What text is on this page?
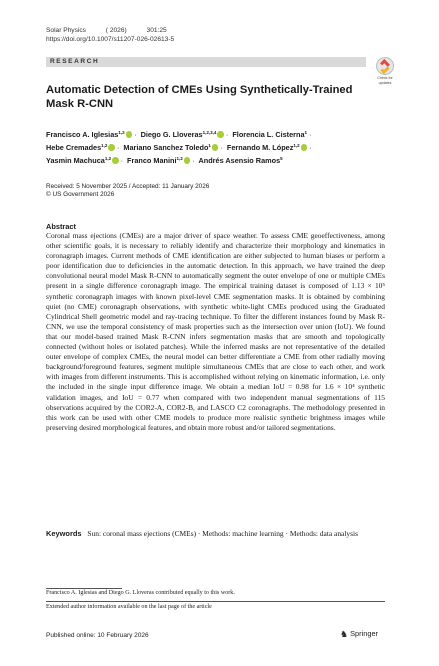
Solar Physics	( 2026)	301:25
https://doi.org/10.1007/s11207-026-02613-5
RESEARCH
Check for
updates
Automatic Detection of CMEs Using Synthetically-Trained Mask R-CNN
Francisco A. Iglesias$^{1,2}$ · Diego G. Lloveras$^{1,2,3,4}$ · Florencia L. Cisterna$^1$ ·
Hebe Cremades$^{1,2}$ · Mariano Sanchez Toledo$^1$ · Fernando M. López$^{1,2}$ ·
Yasmin Machuca$^{1,2}$ · Franco Manini$^{1,2}$ · Andrés Asensio Ramos$^5$
Received: 5 November 2025 / Accepted: 11 January 2026
© US Government 2026
Abstract
Coronal mass ejections (CMEs) are a major driver of space weather. To assess CME geoeffectiveness, among other scientific goals, it is necessary to reliably identify and characterize their morphology and kinematics in coronagraph images. Current methods of CME identification are either subjected to human biases or perform a poor identification due to deficiencies in the automatic detection. In this approach, we have trained the deep convolutional neural model Mask R-CNN to automatically segment the outer envelope of one or multiple CMEs present in a single difference coronagraph image. The empirical training dataset is composed of 1.13 × 10⁵ synthetic coronagraph images with known pixel-level CME segmentation masks. It is obtained by combining quiet (no CME) coronagraph observations, with synthetic white-light CMEs produced using the Graduated Cylindrical Shell geometric model and ray-tracing technique. To filter the different instances found by Mask R-CNN, we use the temporal consistency of mask properties such as the intersection over union (IoU). We found that our model-based trained Mask R-CNN infers segmentation masks that are smooth and topologically connected (without holes or isolated patches). While the inferred masks are not representative of the detailed outer envelope of complex CMEs, the neural model can better differentiate a CME from other radially moving background/foreground features, segment multiple simultaneous CMEs that are close to each other, and work with images from different instruments. This is accomplished without relying on kinematic information, i.e. only the included in the single input difference image. We obtain a median IoU = 0.98 for 1.6 × 10⁴ synthetic validation images, and IoU = 0.77 when compared with two independent manual segmentations of 115 observations acquired by the COR2-A, COR2-B, and LASCO C2 coronagraphs. The methodology presented in this work can be used with other CME models to produce more realistic synthetic brightness images while preserving desired morphological features, and obtain more robust and/or tailored segmentations.
Keywords Sun: coronal mass ejections (CMEs) · Methods: machine learning · Methods: data analysis
Francisco A. Iglesias and Diego G. Lloveras contributed equally to this work.
Extended author information available on the last page of the article
Published online: 10 February 2026	♞ Springer
